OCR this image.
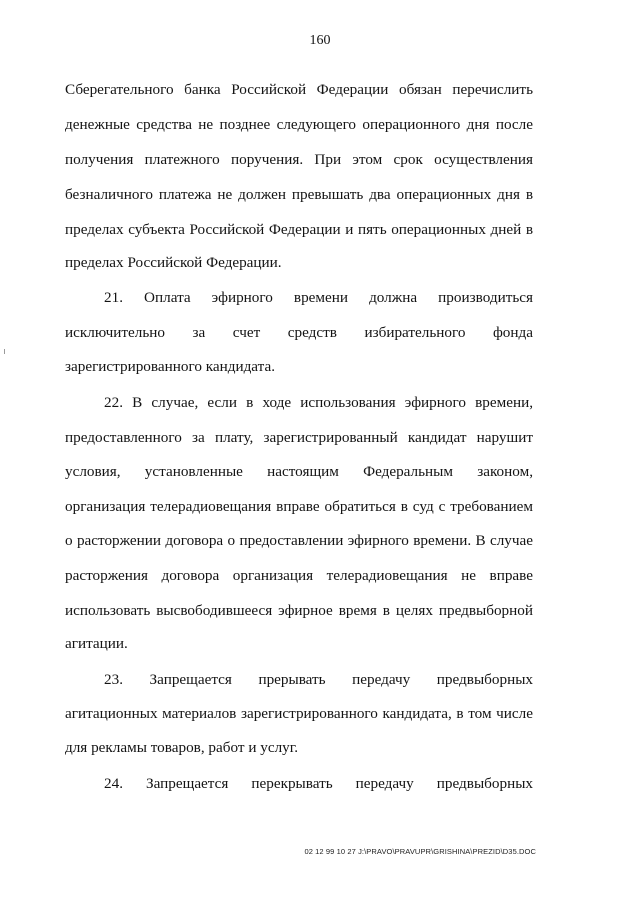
160
Сберегательного банка Российской Федерации обязан перечислить
денежные средства не позднее следующего операционного дня после
получения платежного поручения. При этом срок осуществления
безналичного платежа не должен превышать два операционных дня в
пределах субъекта Российской Федерации и пять операционных дней в
пределах Российской Федерации.
21. Оплата эфирного времени должна производиться
исключительно за счет средств избирательного фонда
зарегистрированного кандидата.
22. В случае, если в ходе использования эфирного времени,
предоставленного за плату, зарегистрированный кандидат нарушит
условия, установленные настоящим Федеральным законом,
организация телерадиовещания вправе обратиться в суд с требованием
о расторжении договора о предоставлении эфирного времени. В случае
расторжения договора организация телерадиовещания не вправе
использовать высвободившееся эфирное время в целях предвыборной
агитации.
23. Запрещается прерывать передачу предвыборных
агитационных материалов зарегистрированного кандидата, в том числе
для рекламы товаров, работ и услуг.
24. Запрещается перекрывать передачу предвыборных
02 12 99 10 27 J:\PRAVO\PRAVUPR\GRISHINA\PREZID\D35.DOC
